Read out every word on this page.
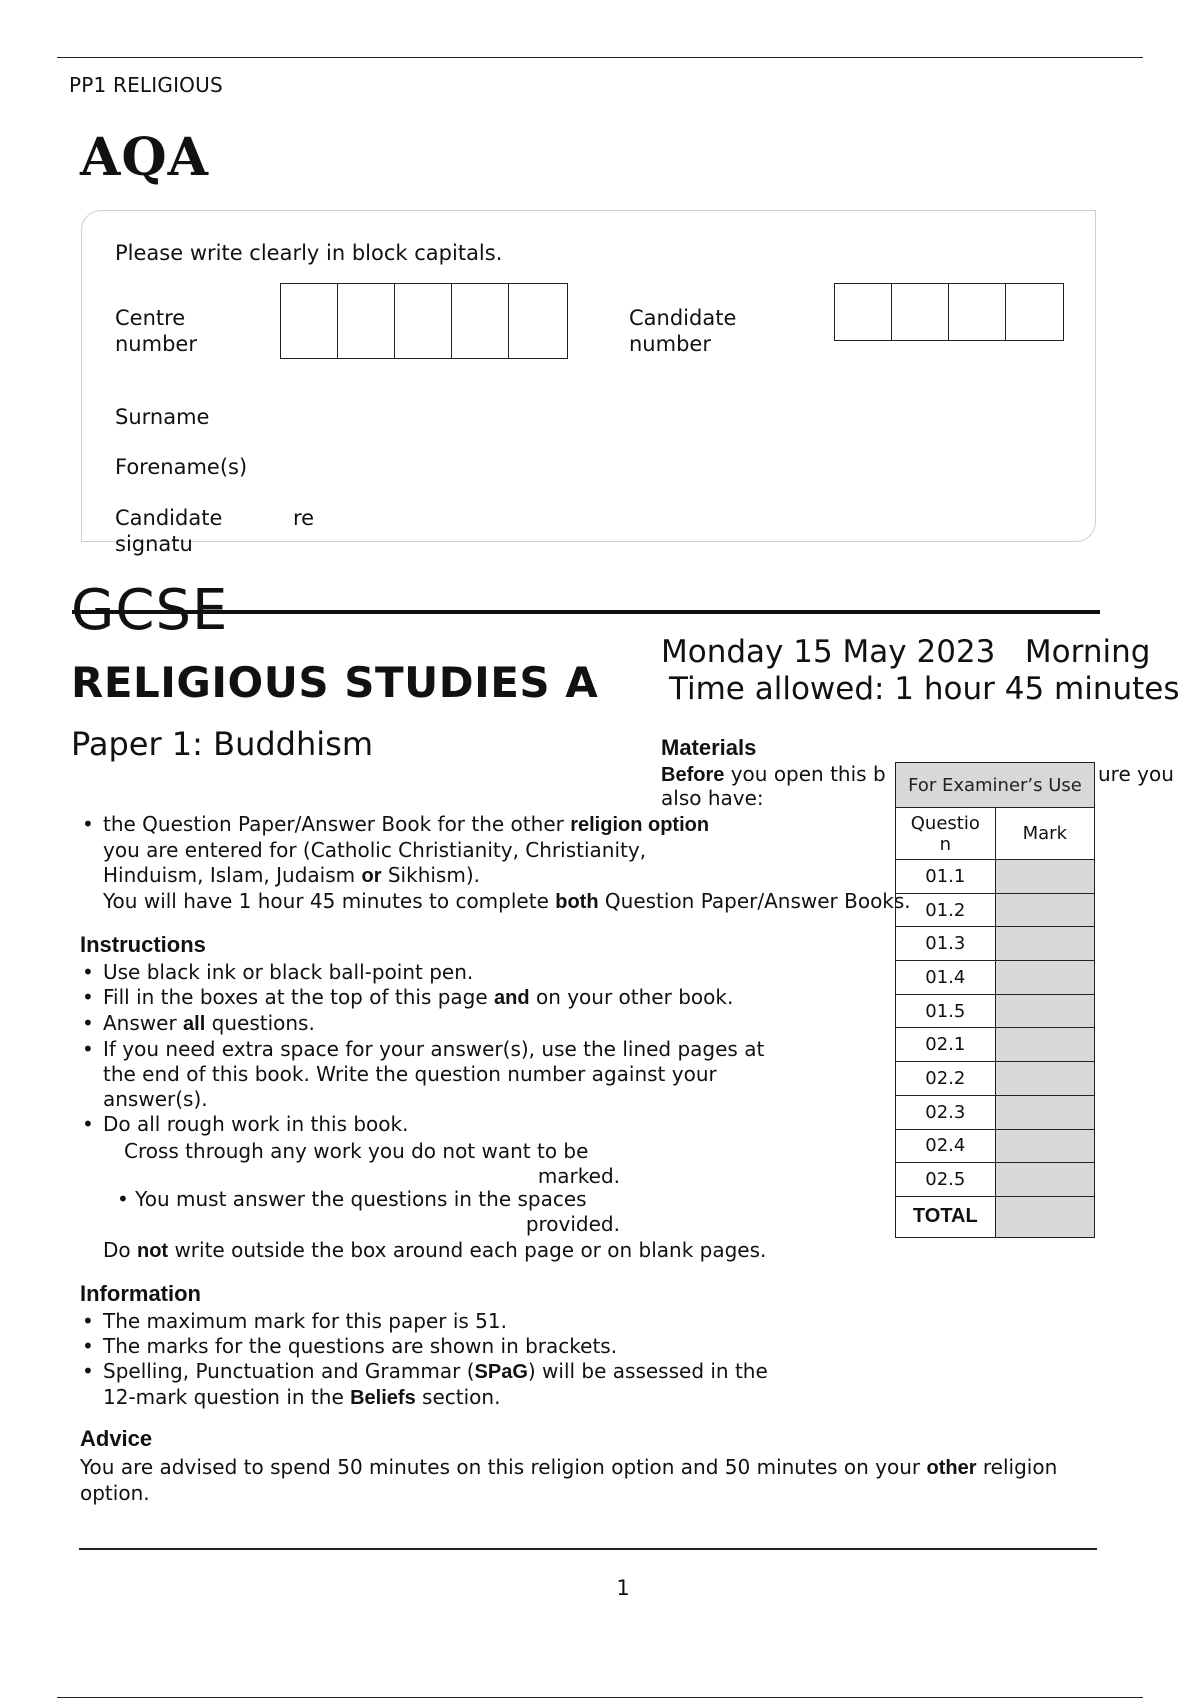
PP1 RELIGIOUS
AQA
Please write clearly in block capitals.
Centre
number
Candidate
number
Surname
Forename(s)
Candidate
signatu
re
GCSE
RELIGIOUS STUDIES A
Paper 1: Buddhism
Monday 15 May 2023   Morning
Time allowed: 1 hour 45 minutes
Materials
Before you open this b	ure you
also have:
• the Question Paper/Answer Book for the other religion option
you are entered for (Catholic Christianity, Christianity,
Hinduism, Islam, Judaism or Sikhism).
You will have 1 hour 45 minutes to complete both Question Paper/Answer Books.
Instructions
• Use black ink or black ball-point pen.
• Fill in the boxes at the top of this page and on your other book.
• Answer all questions.
• If you need extra space for your answer(s), use the lined pages at
the end of this book. Write the question number against your
answer(s).
• Do all rough work in this book.
Cross through any work you do not want to be
marked.
• You must answer the questions in the spaces
provided.
Do not write outside the box around each page or on blank pages.
Information
• The maximum mark for this paper is 51.
• The marks for the questions are shown in brackets.
• Spelling, Punctuation and Grammar (SPaG) will be assessed in the
12-mark question in the Beliefs section.
Advice
You are advised to spend 50 minutes on this religion option and 50 minutes on your other religion
option.
For Examiner’s Use	

Questio
n	Mark
01.1	
01.2	
01.3	
01.4	
01.5	
02.1	
02.2	
02.3	
02.4	
02.5	
TOTAL	
1
